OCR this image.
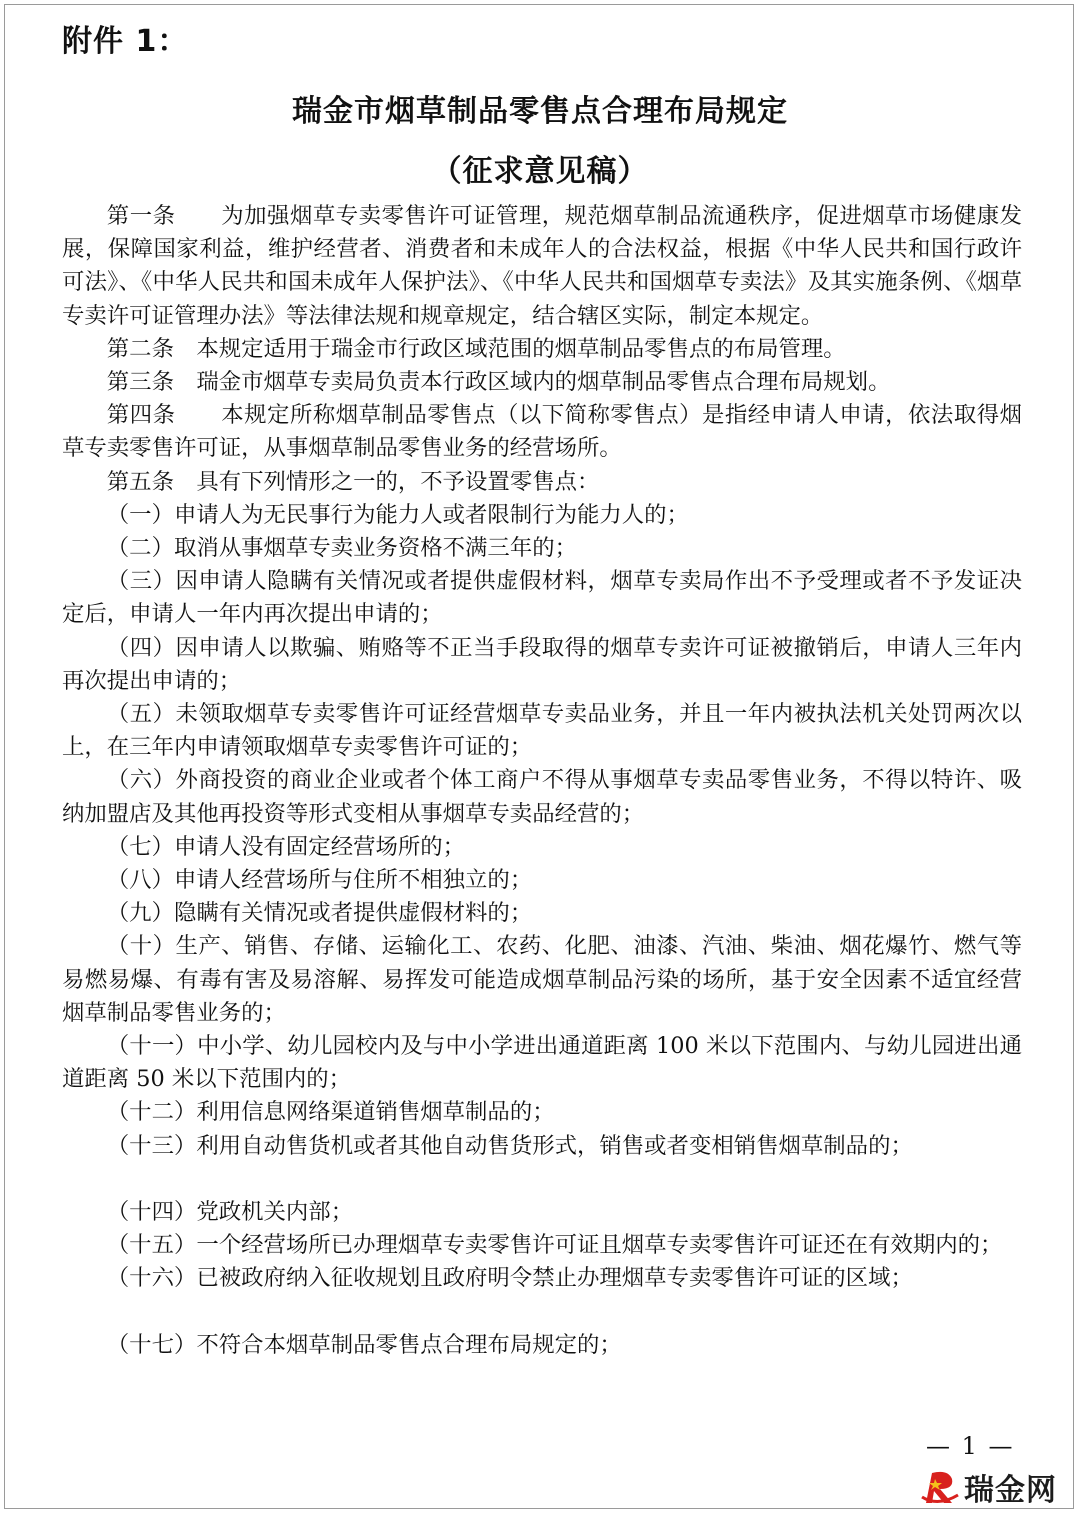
附件 1：
瑞金市烟草制品零售点合理布局规定
（征求意见稿）

第一条　　为加强烟草专卖零售许可证管理，规范烟草制品流通秩序，促进烟草市场健康发展，保障国家利益，维护经营者、消费者和未成年人的合法权益，根据《中华人民共和国行政许可法》、《中华人民共和国未成年人保护法》、《中华人民共和国烟草专卖法》及其实施条例、《烟草专卖许可证管理办法》等法律法规和规章规定，结合辖区实际，制定本规定。

第二条　本规定适用于瑞金市行政区域范围的烟草制品零售点的布局管理。

第三条　瑞金市烟草专卖局负责本行政区域内的烟草制品零售点合理布局规划。

第四条　　本规定所称烟草制品零售点（以下简称零售点）是指经申请人申请，依法取得烟草专卖零售许可证，从事烟草制品零售业务的经营场所。

第五条　具有下列情形之一的，不予设置零售点：

（一）申请人为无民事行为能力人或者限制行为能力人的；

（二）取消从事烟草专卖业务资格不满三年的；

（三）因申请人隐瞒有关情况或者提供虚假材料，烟草专卖局作出不予受理或者不予发证决定后，申请人一年内再次提出申请的；

（四）因申请人以欺骗、贿赂等不正当手段取得的烟草专卖许可证被撤销后，申请人三年内再次提出申请的；

（五）未领取烟草专卖零售许可证经营烟草专卖品业务，并且一年内被执法机关处罚两次以上，在三年内申请领取烟草专卖零售许可证的；

（六）外商投资的商业企业或者个体工商户不得从事烟草专卖品零售业务，不得以特许、吸纳加盟店及其他再投资等形式变相从事烟草专卖品经营的；

（七）申请人没有固定经营场所的；

（八）申请人经营场所与住所不相独立的；

（九）隐瞒有关情况或者提供虚假材料的；

（十）生产、销售、存储、运输化工、农药、化肥、油漆、汽油、柴油、烟花爆竹、燃气等易燃易爆、有毒有害及易溶解、易挥发可能造成烟草制品污染的场所，基于安全因素不适宜经营烟草制品零售业务的；

（十一）中小学、幼儿园校内及与中小学进出通道距离 100 米以下范围内、与幼儿园进出通道距离 50 米以下范围内的；

（十二）利用信息网络渠道销售烟草制品的；

（十三）利用自动售货机或者其他自动售货形式，销售或者变相销售烟草制品的；

（十四）党政机关内部；

（十五）一个经营场所已办理烟草专卖零售许可证且烟草专卖零售许可证还在有效期内的；

（十六）已被政府纳入征收规划且政府明令禁止办理烟草专卖零售许可证的区域；

（十七）不符合本烟草制品零售点合理布局规定的；

— 1 —
瑞金网
